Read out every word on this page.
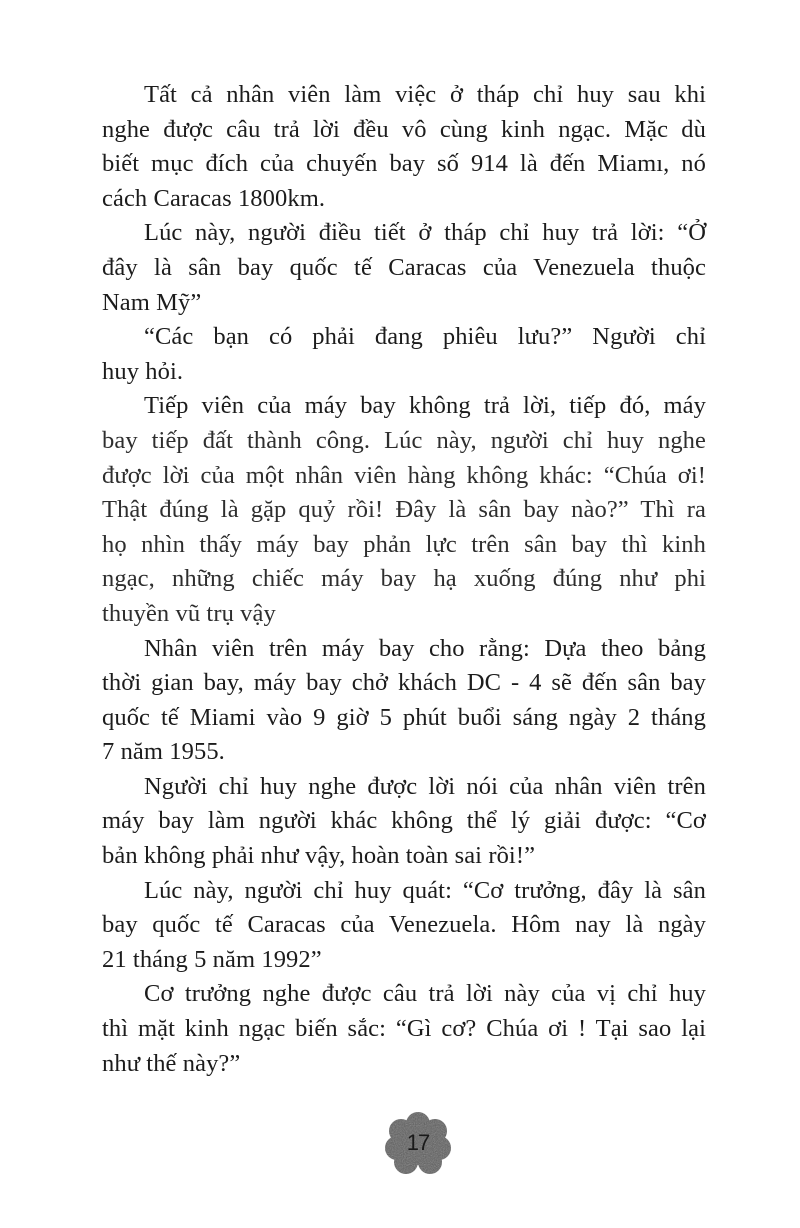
Tất cả nhân viên làm việc ở tháp chỉ huy sau khi
nghe được câu trả lời đều vô cùng kinh ngạc. Mặc dù
biết mục đích của chuyến bay số 914 là đến Miamı, nó
cách Caracas 1800km.
Lúc này, người điều tiết ở tháp chỉ huy trả lời: “Ở
đây là sân bay quốc tế Caracas của Venezuela thuộc
Nam Mỹ”
“Các bạn có phải đang phiêu lưu?” Người chỉ
huy hỏi.
Tiếp viên của máy bay không trả lời, tiếp đó, máy
bay tiếp đất thành công. Lúc này, người chỉ huy nghe
được lời của một nhân viên hàng không khác: “Chúa ơi!
Thật đúng là gặp quỷ rồi! Đây là sân bay nào?” Thì ra
họ nhìn thấy máy bay phản lực trên sân bay thì kinh
ngạc, những chiếc máy bay hạ xuống đúng như phi
thuyền vũ trụ vậy
Nhân viên trên máy bay cho rằng: Dựa theo bảng
thời gian bay, máy bay chở khách DC - 4 sẽ đến sân bay
quốc tế Miami vào 9 giờ 5 phút buổi sáng ngày 2 tháng
7 năm 1955.
Người chỉ huy nghe được lời nói của nhân viên trên
máy bay làm người khác không thể lý giải được: “Cơ
bản không phải như vậy, hoàn toàn sai rồi!”
Lúc này, người chỉ huy quát: “Cơ trưởng, đây là sân
bay quốc tế Caracas của Venezuela. Hôm nay là ngày
21 tháng 5 năm 1992”
Cơ trưởng nghe được câu trả lời này của vị chỉ huy
thì mặt kinh ngạc biến sắc: “Gì cơ? Chúa ơi ! Tại sao lại
như thế này?”
17
